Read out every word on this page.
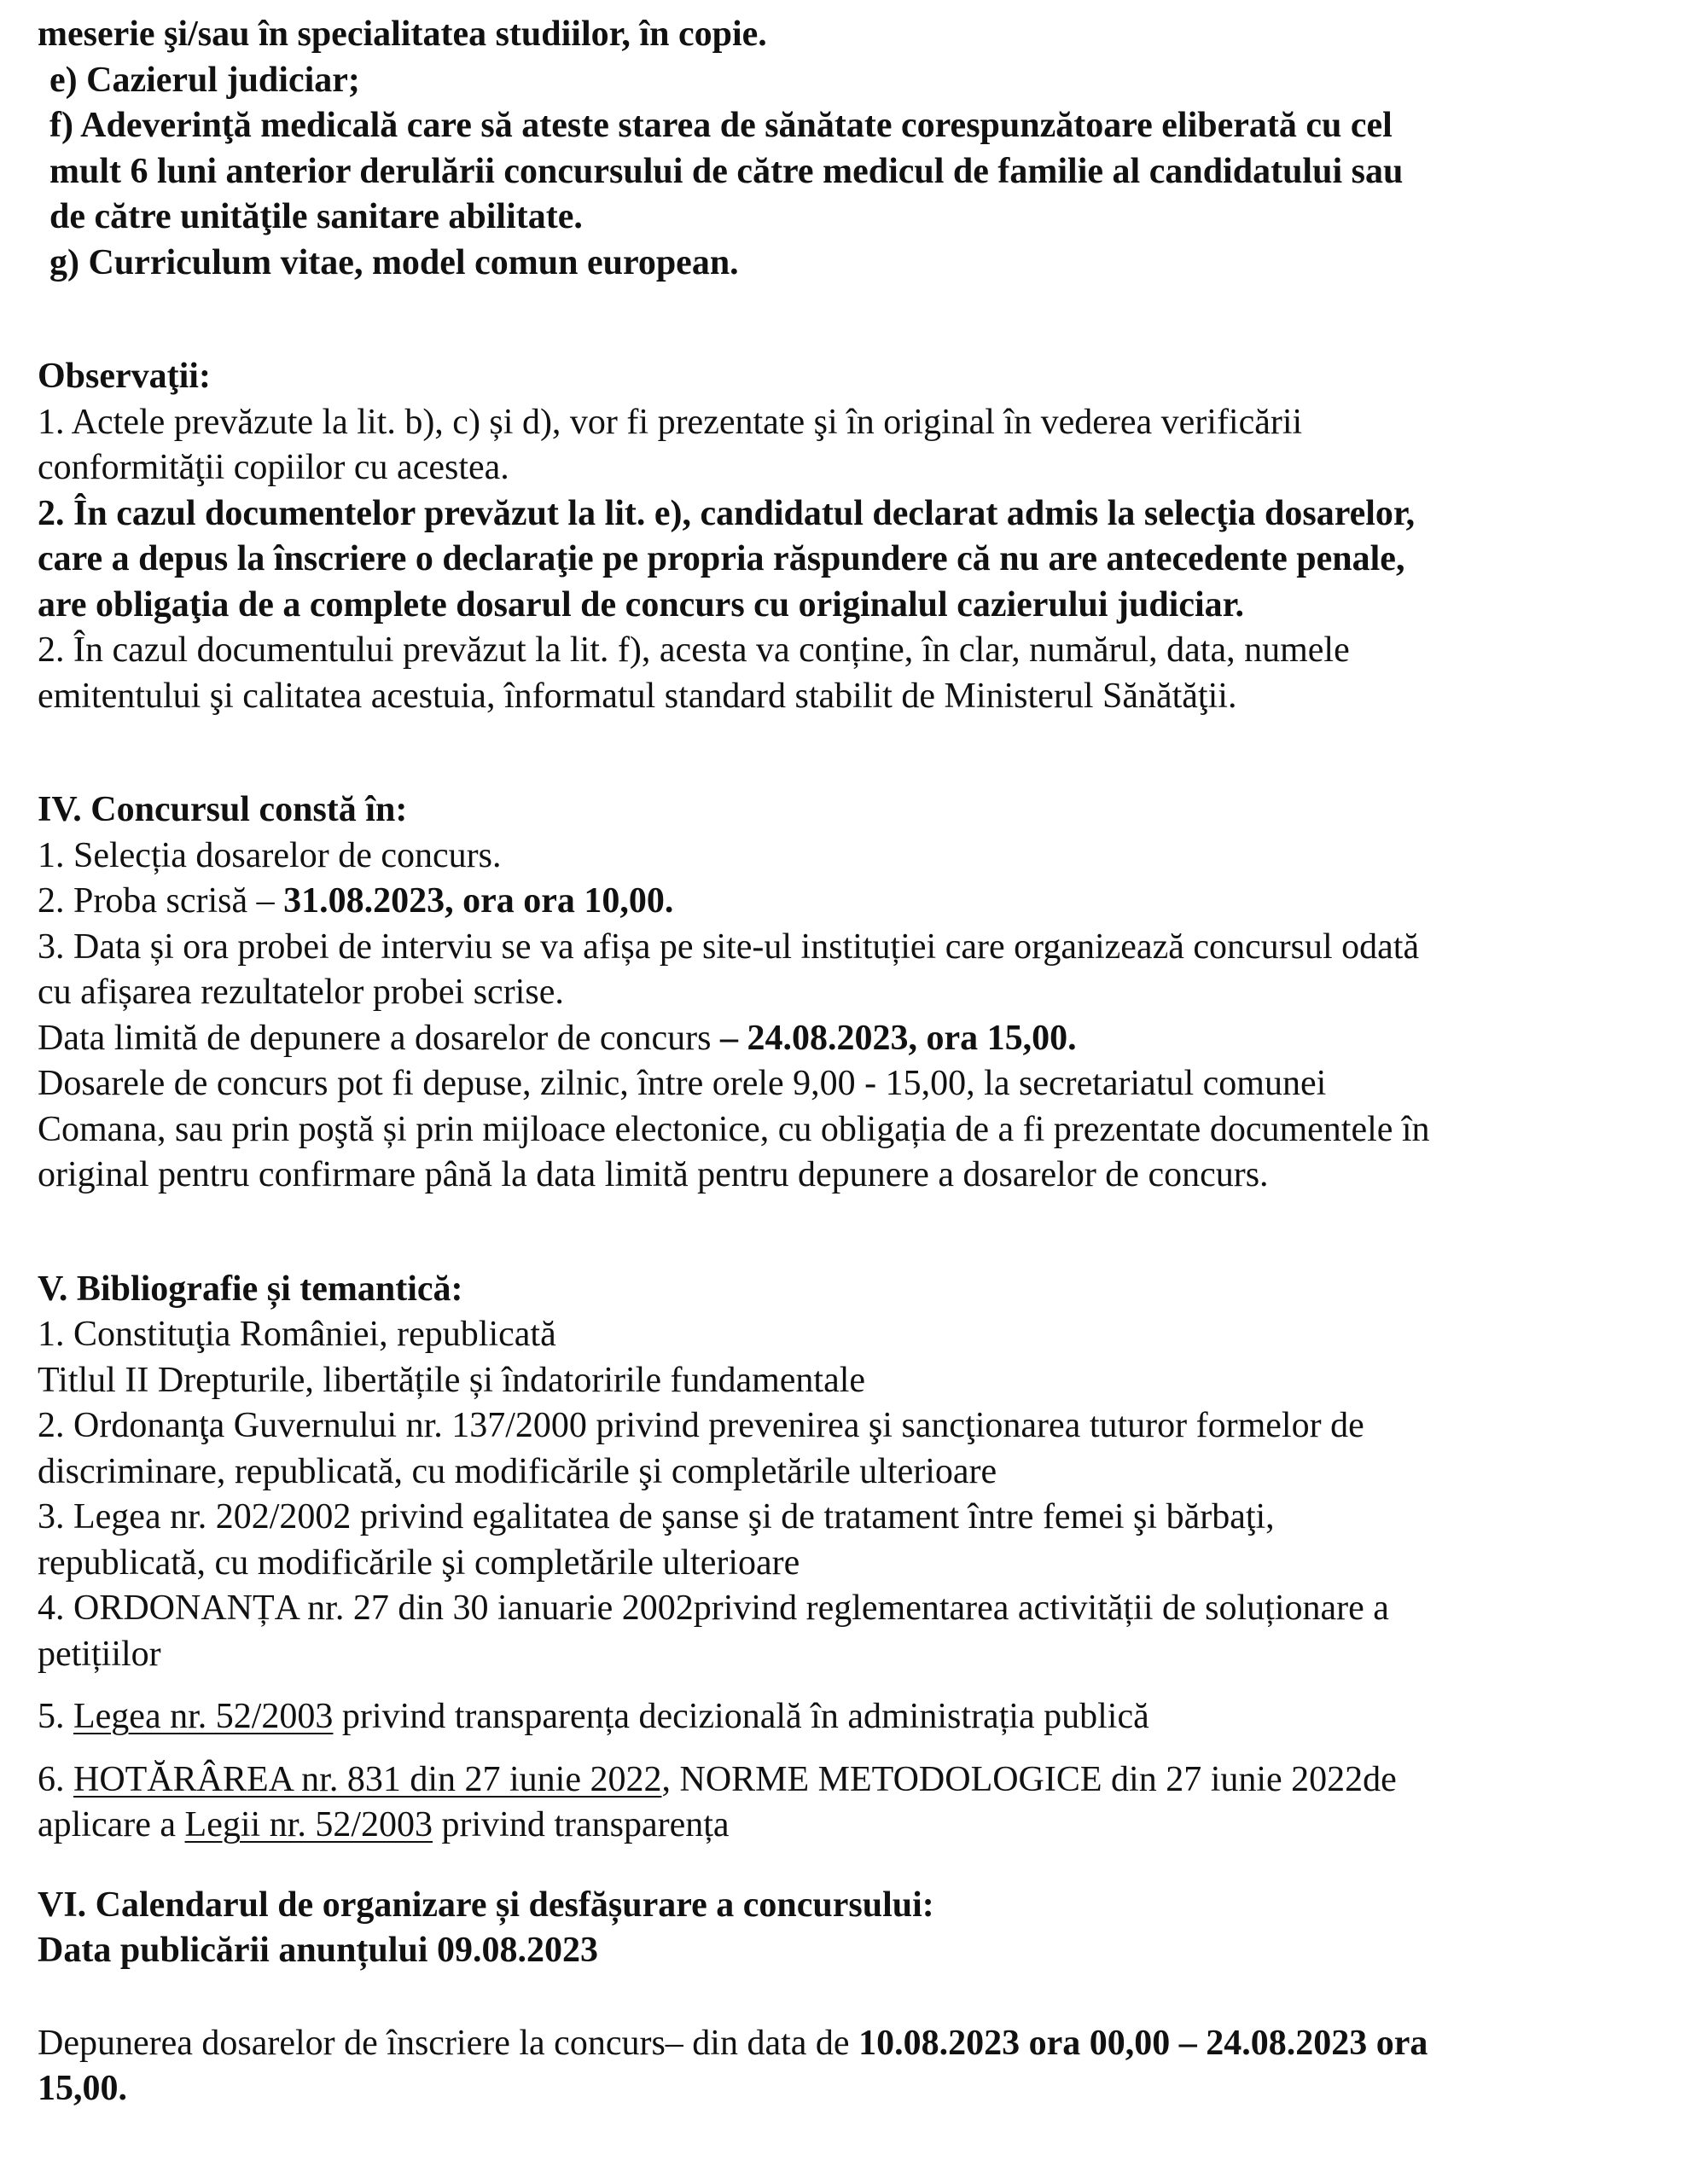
meserie şi/sau în specialitatea studiilor, în copie.
e) Cazierul judiciar;
f) Adeverinţă medicală care să ateste starea de sănătate corespunzătoare eliberată cu cel
mult 6 luni anterior derulării concursului de către medicul de familie al candidatului sau
de către unităţile sanitare abilitate.
g) Curriculum vitae, model comun european.
Observaţii:
1. Actele prevăzute la lit. b), c) și d), vor fi prezentate şi în original în vederea verificării
conformităţii copiilor cu acestea.
2. În cazul documentelor prevăzut la lit. e), candidatul declarat admis la selecţia dosarelor,
care a depus la înscriere o declaraţie pe propria răspundere că nu are antecedente penale,
are obligaţia de a complete dosarul de concurs cu originalul cazierului judiciar.
2. În cazul documentului prevăzut la lit. f), acesta va conține, în clar, numărul, data, numele
emitentului şi calitatea acestuia, înformatul standard stabilit de Ministerul Sănătăţii.
IV. Concursul constă în:
1. Selecția dosarelor de concurs.
2. Proba scrisă – 31.08.2023, ora ora 10,00.
3. Data și ora probei de interviu se va afișa pe site-ul instituției care organizează concursul odată
cu afișarea rezultatelor probei scrise.
Data limită de depunere a dosarelor de concurs – 24.08.2023, ora 15,00.
Dosarele de concurs pot fi depuse, zilnic, între orele 9,00 - 15,00, la secretariatul comunei
Comana, sau prin poştă și prin mijloace electonice, cu obligația de a fi prezentate documentele în
original pentru confirmare până la data limită pentru depunere a dosarelor de concurs.
V. Bibliografie și temantică:
1. Constituţia României, republicată
Titlul II Drepturile, libertățile și îndatoririle fundamentale
2. Ordonanţa Guvernului nr. 137/2000 privind prevenirea şi sancţionarea tuturor formelor de
discriminare, republicată, cu modificările şi completările ulterioare
3. Legea nr. 202/2002 privind egalitatea de şanse şi de tratament între femei şi bărbaţi,
republicată, cu modificările şi completările ulterioare
4. ORDONANȚA nr. 27 din 30 ianuarie 2002privind reglementarea activității de soluționare a
petițiilor
5. Legea nr. 52/2003 privind transparența decizională în administrația publică
6. HOTĂRÂREA nr. 831 din 27 iunie 2022, NORME METODOLOGICE din 27 iunie 2022de
aplicare a Legii nr. 52/2003 privind transparența
VI. Calendarul de organizare și desfășurare a concursului:
Data publicării anunțului 09.08.2023
Depunerea dosarelor de înscriere la concurs– din data de 10.08.2023 ora 00,00 – 24.08.2023 ora
15,00.
